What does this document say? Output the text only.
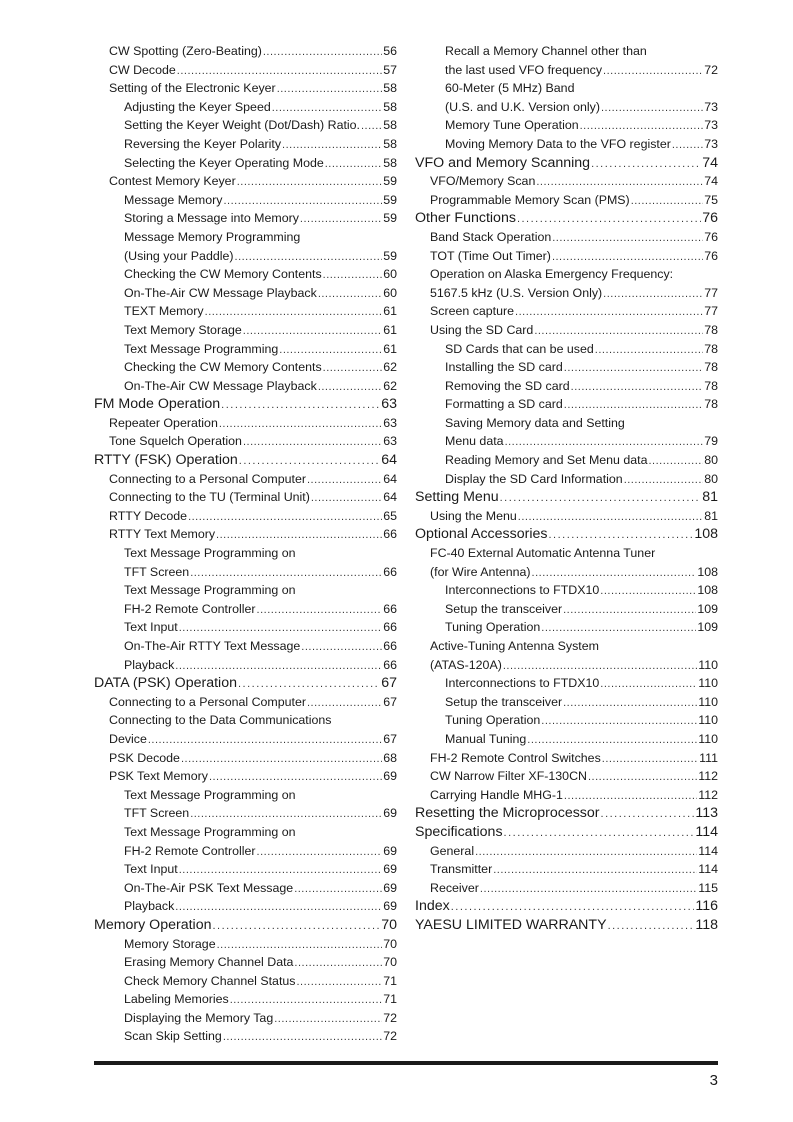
CW Spotting (Zero-Beating) .....	56
CW Decode .....	57
Setting of the Electronic Keyer .....	58
Adjusting the Keyer Speed .....	58
Setting the Keyer Weight (Dot/Dash) Ratio. ..... 58
Reversing the Keyer Polarity .....	58
Selecting the Keyer Operating Mode .....	58
Contest Memory Keyer .....	59
Message Memory .....	59
Storing a Message into Memory .....	59
Message Memory Programming
(Using your Paddle) .....	59
Checking the CW Memory Contents .....	60
On-The-Air CW Message Playback .....	60
TEXT Memory .....	61
Text Memory Storage .....	61
Text Message Programming .....	61
Checking the CW Memory Contents .....	62
On-The-Air CW Message Playback .....	62
FM Mode Operation .....	63
Repeater Operation .....	63
Tone Squelch Operation .....	63
RTTY (FSK) Operation .....	64
Connecting to a Personal Computer .....	64
Connecting to the TU (Terminal Unit) .....	64
RTTY Decode .....	65
RTTY Text Memory .....	66
Text Message Programming on
TFT Screen .....	66
Text Message Programming on
FH-2 Remote Controller .....	66
Text Input .....	66
On-The-Air RTTY Text Message .....	66
Playback .....	66
DATA (PSK) Operation .....	67
Connecting to a Personal Computer .....	67
Connecting to the Data Communications
Device .....	67
PSK Decode .....	68
PSK Text Memory .....	69
Text Message Programming on
TFT Screen .....	69
Text Message Programming on
FH-2 Remote Controller .....	69
Text Input .....	69
On-The-Air PSK Text Message .....	69
Playback .....	69
Memory Operation .....	70
Memory Storage .....	70
Erasing Memory Channel Data .....	70
Check Memory Channel Status .....	71
Labeling Memories .....	71
Displaying the Memory Tag .....	72
Scan Skip Setting .....	72
Recall a Memory Channel other than
the last used VFO frequency .....	72
60-Meter (5 MHz) Band
(U.S. and U.K. Version only) .....	73
Memory Tune Operation .....	73
Moving Memory Data to the VFO register .....	73
VFO and Memory Scanning .....	74
VFO/Memory Scan .....	74
Programmable Memory Scan (PMS) .....	75
Other Functions .....	76
Band Stack Operation .....	76
TOT (Time Out Timer) .....	76
Operation on Alaska Emergency Frequency:
5167.5 kHz (U.S. Version Only) .....	77
Screen capture .....	77
Using the SD Card .....	78
SD Cards that can be used .....	78
Installing the SD card .....	78
Removing the SD card .....	78
Formatting a SD card .....	78
Saving Memory data and Setting
Menu data .....	79
Reading Memory and Set Menu data .....	80
Display the SD Card Information .....	80
Setting Menu .....	81
Using the Menu .....	81
Optional Accessories .....	108
FC-40 External Automatic Antenna Tuner
(for Wire Antenna) .....	108
Interconnections to FTDX10 .....	108
Setup the transceiver .....	109
Tuning Operation .....	109
Active-Tuning Antenna System
(ATAS-120A) .....	110
Interconnections to FTDX10 .....	110
Setup the transceiver .....	110
Tuning Operation .....	110
Manual Tuning .....	110
FH-2 Remote Control Switches .....	111
CW Narrow Filter XF-130CN .....	112
Carrying Handle MHG-1 .....	112
Resetting the Microprocessor .....	113
Specifications .....	114
General .....	114
Transmitter .....	114
Receiver .....	115
Index .....	116
YAESU LIMITED WARRANTY .....	118
3
